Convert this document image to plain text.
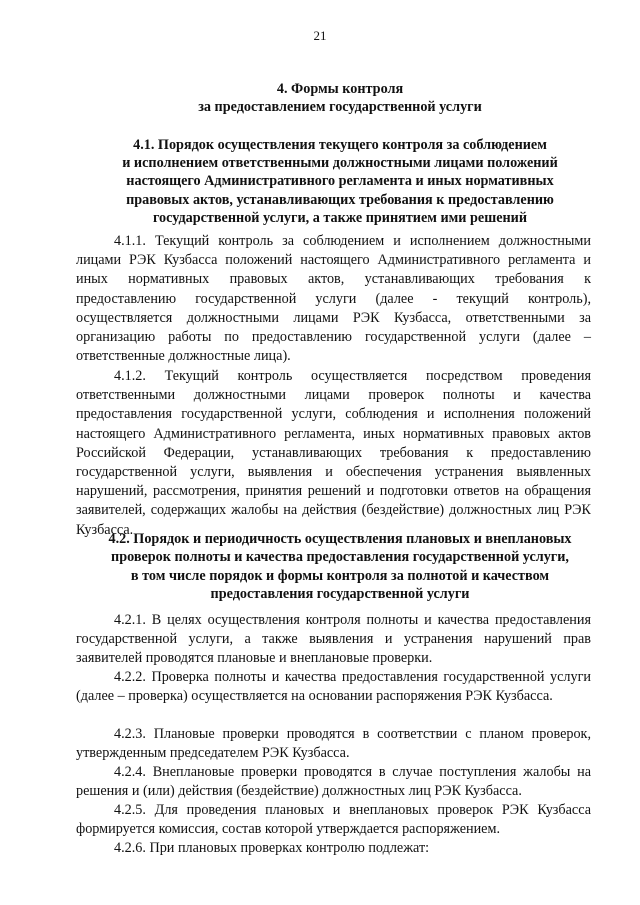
21
4. Формы контроля
за предоставлением государственной услуги
4.1. Порядок осуществления текущего контроля за соблюдением
и исполнением ответственными должностными лицами положений
настоящего Административного регламента и иных нормативных
правовых актов, устанавливающих требования к предоставлению
государственной услуги, а также принятием ими решений

4.1.1. Текущий контроль за соблюдением и исполнением должностными лицами РЭК Кузбасса положений настоящего Административного регламента и иных нормативных правовых актов, устанавливающих требования к предоставлению государственной услуги (далее - текущий контроль), осуществляется должностными лицами РЭК Кузбасса, ответственными за организацию работы по предоставлению государственной услуги (далее – ответственные должностные лица).

4.1.2. Текущий контроль осуществляется посредством проведения ответственными должностными лицами проверок полноты и качества предоставления государственной услуги, соблюдения и исполнения положений настоящего Административного регламента, иных нормативных правовых актов Российской Федерации, устанавливающих требования к предоставлению государственной услуги, выявления и обеспечения устранения выявленных нарушений, рассмотрения, принятия решений и подготовки ответов на обращения заявителей, содержащих жалобы на действия (бездействие) должностных лиц РЭК Кузбасса.

4.2. Порядок и периодичность осуществления плановых и внеплановых
проверок полноты и качества предоставления государственной услуги,
в том числе порядок и формы контроля за полнотой и качеством
предоставления государственной услуги

4.2.1. В целях осуществления контроля полноты и качества предоставления государственной услуги, а также выявления и устранения нарушений прав заявителей проводятся плановые и внеплановые проверки.

4.2.2. Проверка полноты и качества предоставления государственной услуги (далее – проверка) осуществляется на основании распоряжения РЭК Кузбасса.

4.2.3. Плановые проверки проводятся в соответствии с планом проверок, утвержденным председателем РЭК Кузбасса.

4.2.4. Внеплановые проверки проводятся в случае поступления жалобы на решения и (или) действия (бездействие) должностных лиц РЭК Кузбасса.

4.2.5. Для проведения плановых и внеплановых проверок РЭК Кузбасса формируется комиссия, состав которой утверждается распоряжением.

4.2.6. При плановых проверках контролю подлежат:
